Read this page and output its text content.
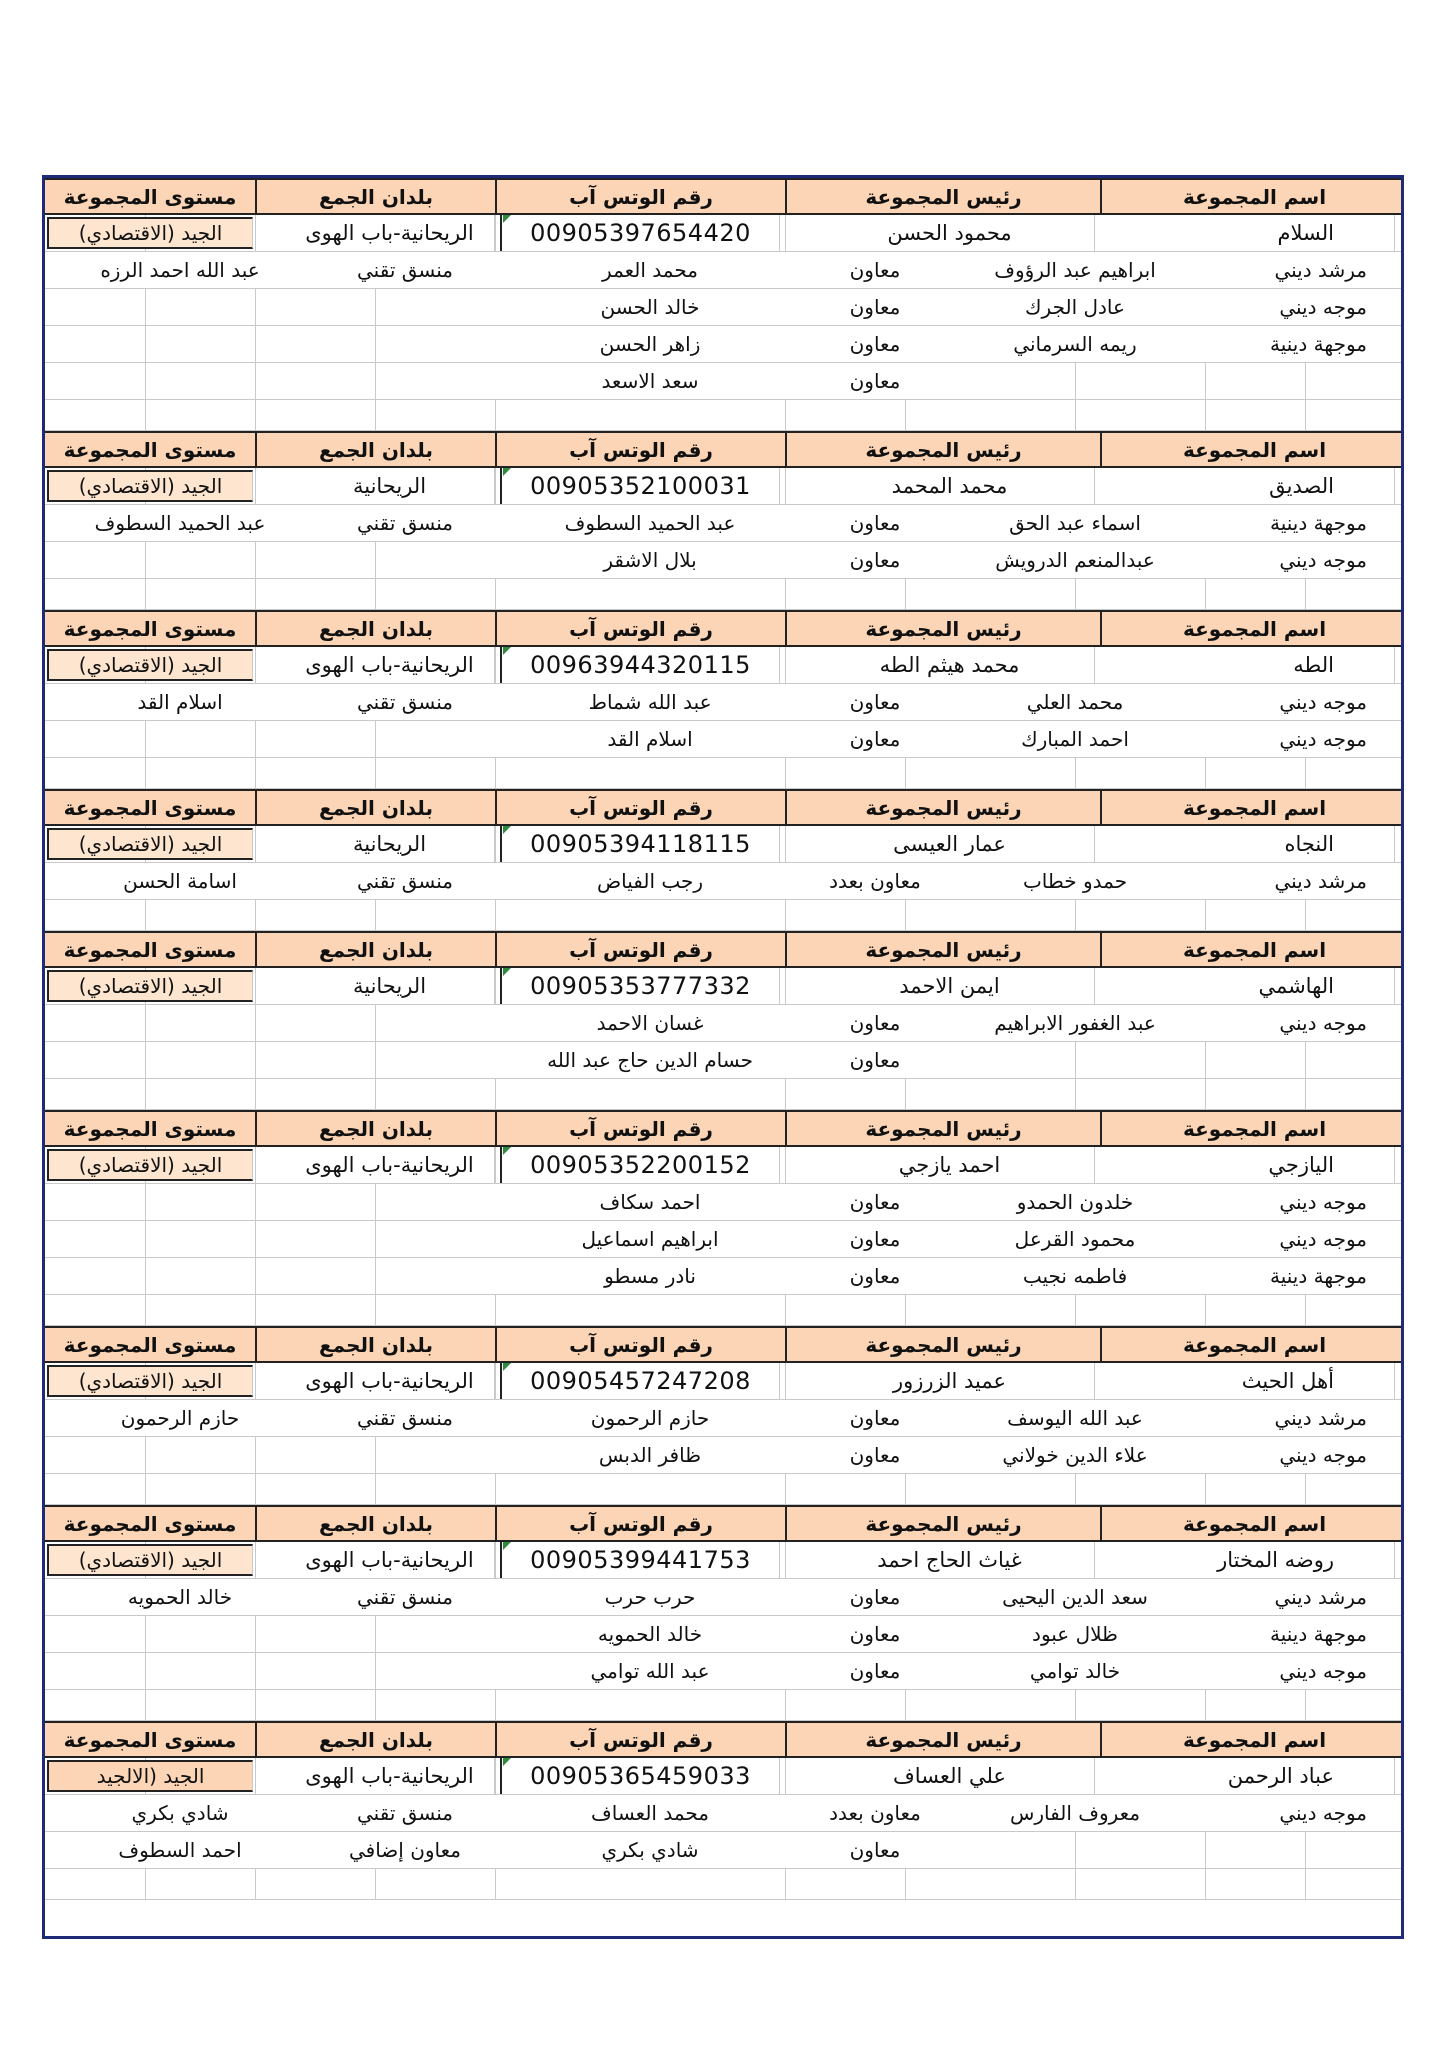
مستوى المجموعة	بلدان الجمع	رقم الوتس آب	رئيس المجموعة	اسم المجموعة
الجيد (الاقتصادي)	الريحانية-باب الهوى	00905397654420	محمود الحسن	السلام
عبد الله احمد الرزه	منسق تقني	محمد العمر	معاون	ابراهيم عبد الرؤوف	مرشد ديني
خالد الحسن	معاون	عادل الجرك	موجه ديني
زاهر الحسن	معاون	ريمه السرماني	موجهة دينية
سعد الاسعد	معاون
مستوى المجموعة	بلدان الجمع	رقم الوتس آب	رئيس المجموعة	اسم المجموعة
الجيد (الاقتصادي)	الريحانية	00905352100031	محمد المحمد	الصديق
عبد الحميد السطوف	منسق تقني	عبد الحميد السطوف	معاون	اسماء عبد الحق	موجهة دينية
بلال الاشقر	معاون	عبدالمنعم الدرويش	موجه ديني
مستوى المجموعة	بلدان الجمع	رقم الوتس آب	رئيس المجموعة	اسم المجموعة
الجيد (الاقتصادي)	الريحانية-باب الهوى	00963944320115	محمد هيثم الطه	الطه
اسلام القد	منسق تقني	عبد الله شماط	معاون	محمد العلي	موجه ديني
اسلام القد	معاون	احمد المبارك	موجه ديني
مستوى المجموعة	بلدان الجمع	رقم الوتس آب	رئيس المجموعة	اسم المجموعة
الجيد (الاقتصادي)	الريحانية	00905394118115	عمار العيسى	النجاه
اسامة الحسن	منسق تقني	رجب الفياض	معاون بعدد	حمدو خطاب	مرشد ديني
مستوى المجموعة	بلدان الجمع	رقم الوتس آب	رئيس المجموعة	اسم المجموعة
الجيد (الاقتصادي)	الريحانية	00905353777332	ايمن الاحمد	الهاشمي
غسان الاحمد	معاون	عبد الغفور الابراهيم	موجه ديني
حسام الدين حاج عبد الله	معاون
مستوى المجموعة	بلدان الجمع	رقم الوتس آب	رئيس المجموعة	اسم المجموعة
الجيد (الاقتصادي)	الريحانية-باب الهوى	00905352200152	احمد يازجي	اليازجي
احمد سكاف	معاون	خلدون الحمدو	موجه ديني
ابراهيم اسماعيل	معاون	محمود القرعل	موجه ديني
نادر مسطو	معاون	فاطمه نجيب	موجهة دينية
مستوى المجموعة	بلدان الجمع	رقم الوتس آب	رئيس المجموعة	اسم المجموعة
الجيد (الاقتصادي)	الريحانية-باب الهوى	00905457247208	عميد الزرزور	أهل الحيث
حازم الرحمون	منسق تقني	حازم الرحمون	معاون	عبد الله اليوسف	مرشد ديني
ظافر الدبس	معاون	علاء الدين خولاني	موجه ديني
مستوى المجموعة	بلدان الجمع	رقم الوتس آب	رئيس المجموعة	اسم المجموعة
الجيد (الاقتصادي)	الريحانية-باب الهوى	00905399441753	غياث الحاج احمد	روضه المختار
خالد الحمويه	منسق تقني	حرب حرب	معاون	سعد الدين اليحيى	مرشد ديني
خالد الحمويه	معاون	ظلال عبود	موجهة دينية
عبد الله توامي	معاون	خالد توامي	موجه ديني
مستوى المجموعة	بلدان الجمع	رقم الوتس آب	رئيس المجموعة	اسم المجموعة
الجيد (الالجيد	الريحانية-باب الهوى	00905365459033	علي العساف	عباد الرحمن
شادي بكري	منسق تقني	محمد العساف	معاون بعدد	معروف الفارس	موجه ديني
احمد السطوف	معاون إضافي	شادي بكري	معاون
